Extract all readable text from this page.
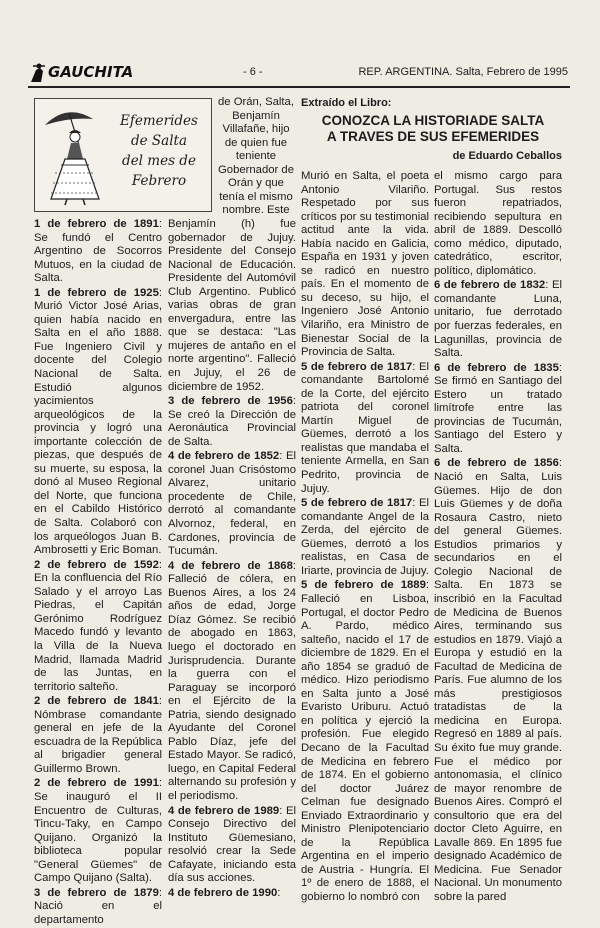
GAUCHITA	- 6 -	REP. ARGENTINA. Salta, Febrero de 1995
Efemerides
de Salta
del mes de
Febrero
de Orán, Salta, Benjamín Villafañe, hijo de quien fue teniente Gobernador de Orán y que tenía el mismo nombre. Este

1 de febrero de 1891: Se fundó el Centro Argentino de Socorros Mutuos, en la ciudad de Salta.

1 de febrero de 1925: Murió Victor José Arias, quien había nacido en Salta en el año 1888. Fue Ingeniero Civil y docente del Colegio Nacional de Salta. Estudió algunos yacimientos arqueológicos de la provincia y logró una importante colección de piezas, que después de su muerte, su esposa, la donó al Museo Regional del Norte, que funciona en el Cabildo Histórico de Salta. Colaboró con los arqueólogos Juan B. Ambrosetti y Eric Boman.

2 de febrero de 1592: En la confluencia del Río Salado y el arroyo Las Piedras, el Capitán Gerónimo Rodríguez Macedo fundó y levanto la Villa de la Nueva Madrid, llamada Madrid de las Juntas, en territorio salteño.

2 de febrero de 1841: Nómbrase comandante general en jefe de la escuadra de la República al brigadier general Guillermo Brown.

2 de febrero de 1991: Se inauguró el II Encuentro de Culturas, Tincu-Taky, en Campo Quijano. Organizó la biblioteca popular "General Güemes" de Campo Quijano (Salta).

3 de febrero de 1879: Nació en el departamento

Benjamín (h) fue gobernador de Jujuy. Presidente del Consejo Nacional de Educación. Presidente del Automóvil Club Argentino. Publicó varias obras de gran envergadura, entre las que se destaca: "Las mujeres de antaño en el norte argentino". Falleció en Jujuy, el 26 de diciembre de 1952.

3 de febrero de 1956: Se creó la Dirección de Aeronáutica Provincial de Salta.

4 de febrero de 1852: El coronel Juan Crisóstomo Alvarez, unitario procedente de Chile, derrotó al comandante Alvornoz, federal, en Cardones, provincia de Tucumán.

4 de febrero de 1868: Falleció de cólera, en Buenos Aires, a los 24 años de edad, Jorge Díaz Gómez. Se recibió de abogado en 1863, luego el doctorado en Jurisprudencia. Durante la guerra con el Paraguay se incorporó en el Ejército de la Patria, siendo designado Ayudante del Coronel Pablo Díaz, jefe del Estado Mayor. Se radicó, luego, en Capital Federal alternando su profesión y el periodismo.

4 de febrero de 1989: El Consejo Directivo del Instituto Güemesiano, resolvió crear la Sede Cafayate, iniciando esta día sus acciones.

4 de febrero de 1990:

Extraído el Libro:
CONOZCA LA HISTORIADE SALTA
A TRAVES DE SUS EFEMERIDES
de Eduardo Ceballos

Murió en Salta, el poeta Antonio Vilariño. Respetado por sus críticos por su testimonial actitud ante la vida. Había nacido en Galicia, España en 1931 y joven se radicó en nuestro país. En el momento de su deceso, su hijo, el Ingeniero José Antonio Vilariño, era Ministro de Bienestar Social de la Provincia de Salta.

5 de febrero de 1817: El comandante Bartolomé de la Corte, del ejército patriota del coronel Martín Miguel de Güemes, derrotó a los realistas que mandaba el teniente Armella, en San Pedrito, provincia de Jujuy.

5 de febrero de 1817: El comandante Angel de la Zerda, del ejército de Güemes, derrotó a los realistas, en Casa de Iriarte, provincia de Jujuy.

5 de febrero de 1889: Falleció en Lisboa, Portugal, el doctor Pedro A. Pardo, médico salteño, nacido el 17 de diciembre de 1829. En el año 1854 se graduó de médico. Hizo periodismo en Salta junto a José Evaristo Uriburu. Actuó en política y ejerció la profesión. Fue elegido Decano de la Facultad de Medicina en febrero de 1874. En el gobierno del doctor Juárez Celman fue designado Enviado Extraordinario y Ministro Plenipotenciario de la República Argentina en el imperio de Austria - Hungría. El 1º de enero de 1888, el gobierno lo nombró con

el mismo cargo para Portugal. Sus restos fueron repatriados, recibiendo sepultura en abril de 1889. Descolló como médico, diputado, catedrático, escritor, político, diplomático.

6 de febrero de 1832: El comandante Luna, unitario, fue derrotado por fuerzas federales, en Lagunillas, provincia de Salta.

6 de febrero de 1835: Se firmó en Santiago del Estero un tratado limítrofe entre las provincias de Tucumán, Santiago del Estero y Salta.

6 de febrero de 1856: Nació en Salta, Luis Güemes. Hijo de don Luis Güemes y de doña Rosaura Castro, nieto del general Güemes. Estudios primarios y secundarios en el Colegio Nacional de Salta. En 1873 se inscribió en la Facultad de Medicina de Buenos Aires, terminando sus estudios en 1879. Viajó a Europa y estudió en la Facultad de Medicina de París. Fue alumno de los más prestigiosos tratadistas de la medicina en Europa. Regresó en 1889 al país. Su éxito fue muy grande. Fue el médico por antonomasia, el clínico de mayor renombre de Buenos Aires. Compró el consultorio que era del doctor Cleto Aguirre, en Lavalle 869. En 1895 fue designado Académico de Medicina. Fue Senador Nacional. Un monumento sobre la pared
